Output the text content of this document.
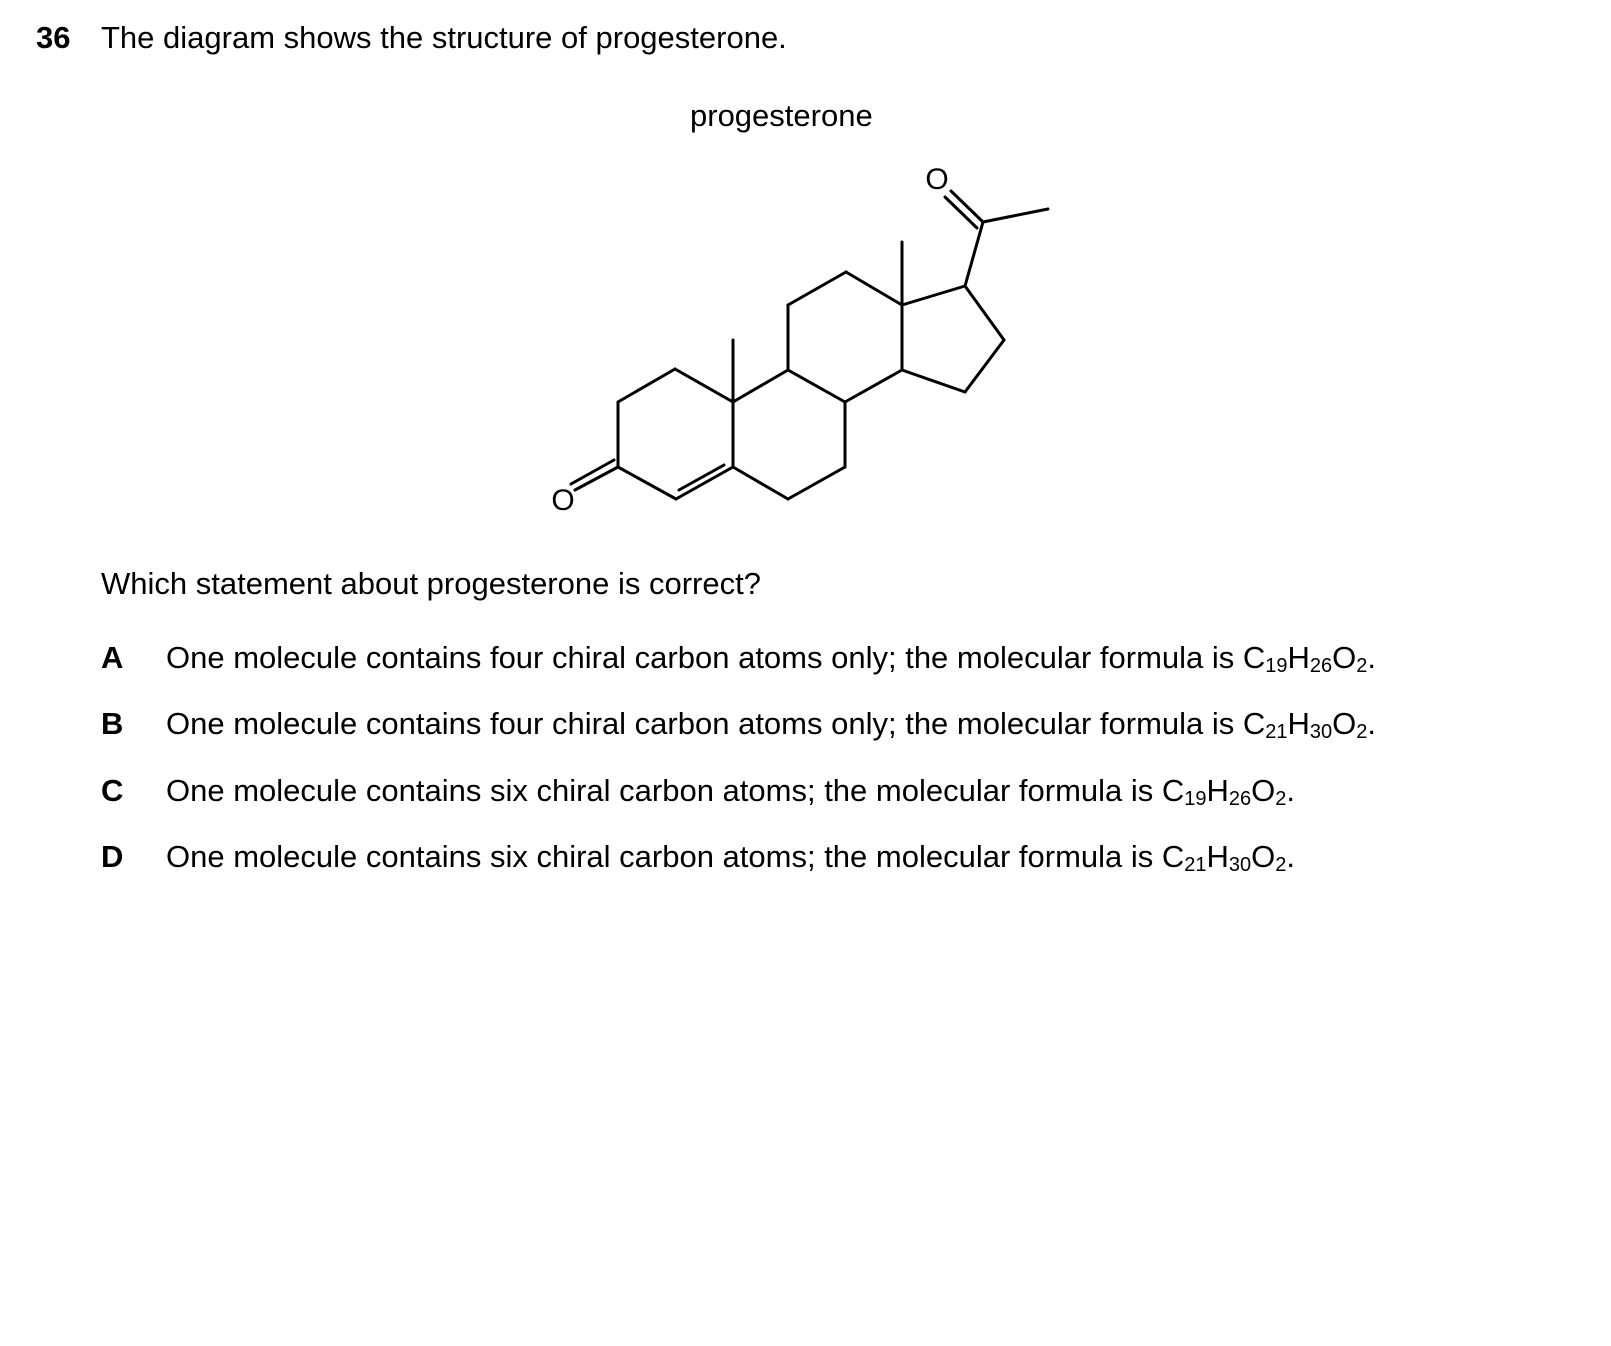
36 The diagram shows the structure of progesterone.
progesterone
O
O
Which statement about progesterone is correct?
A One molecule contains four chiral carbon atoms only; the molecular formula is $C_{19}H_{26}O_2$.
B One molecule contains four chiral carbon atoms only; the molecular formula is $C_{21}H_{30}O_2$.
C One molecule contains six chiral carbon atoms; the molecular formula is $C_{19}H_{26}O_2$.
D One molecule contains six chiral carbon atoms; the molecular formula is $C_{21}H_{30}O_2$.
